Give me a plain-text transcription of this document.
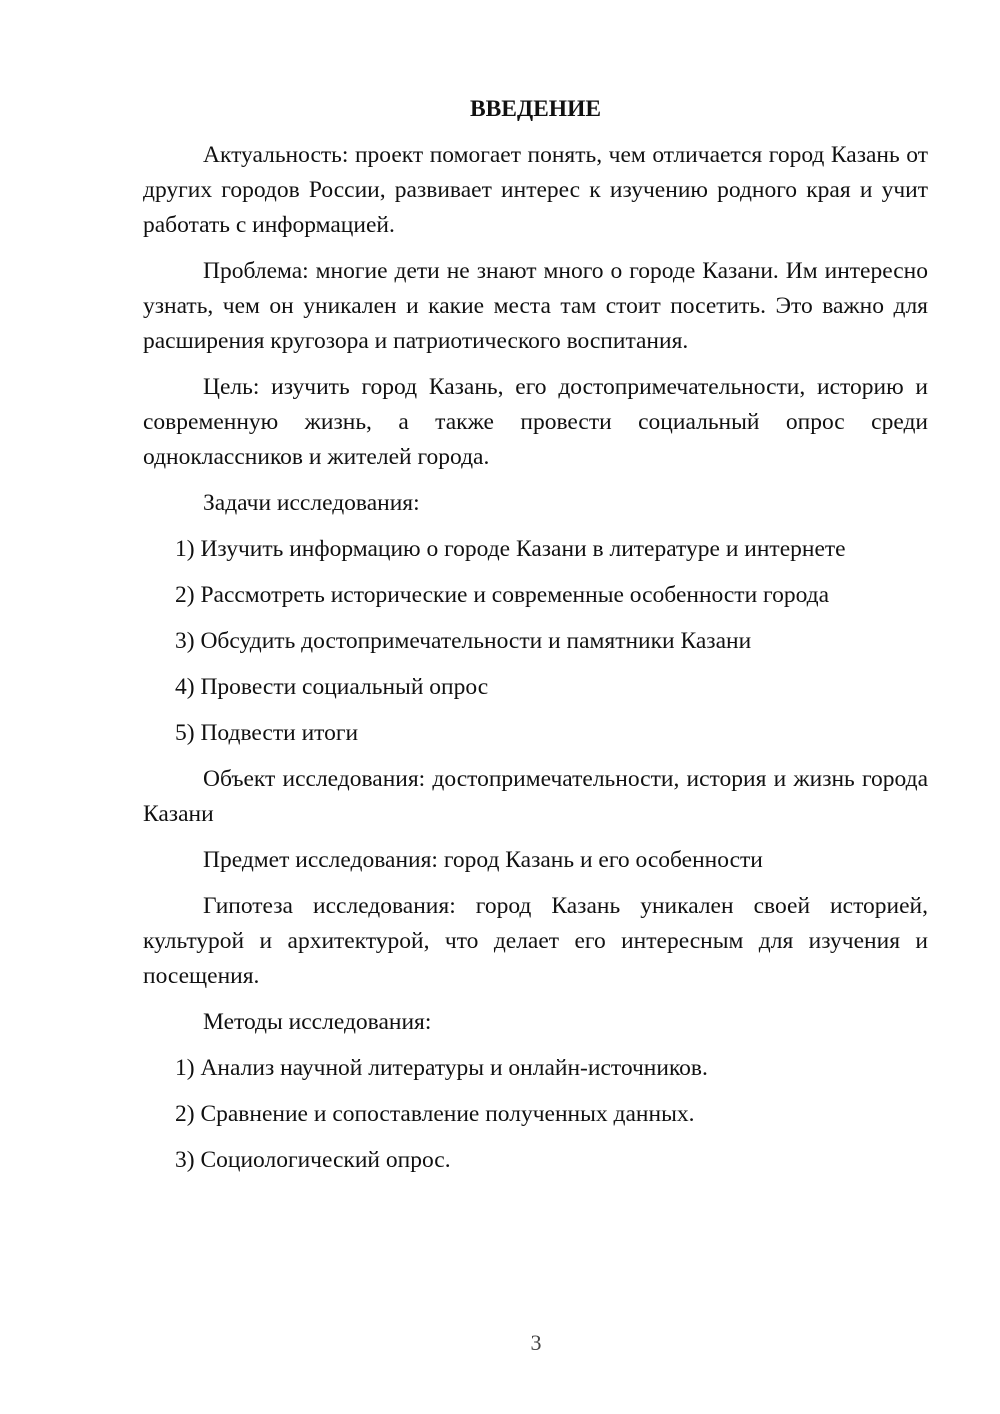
ВВЕДЕНИЕ

Актуальность: проект помогает понять, чем отличается город Казань от других городов России, развивает интерес к изучению родного края и учит работать с информацией.

Проблема: многие дети не знают много о городе Казани. Им интересно узнать, чем он уникален и какие места там стоит посетить. Это важно для расширения кругозора и патриотического воспитания.

Цель: изучить город Казань, его достопримечательности, историю и современную жизнь, а также провести социальный опрос среди одноклассников и жителей города.

Задачи исследования:

1) Изучить информацию о городе Казани в литературе и интернете

2) Рассмотреть исторические и современные особенности города

3) Обсудить достопримечательности и памятники Казани

4) Провести социальный опрос

5) Подвести итоги

Объект исследования: достопримечательности, история и жизнь города Казани

Предмет исследования: город Казань и его особенности

Гипотеза исследования: город Казань уникален своей историей, культурой и архитектурой, что делает его интересным для изучения и посещения.

Методы исследования:

1) Анализ научной литературы и онлайн-источников.

2) Сравнение и сопоставление полученных данных.

3) Социологический опрос.

3
